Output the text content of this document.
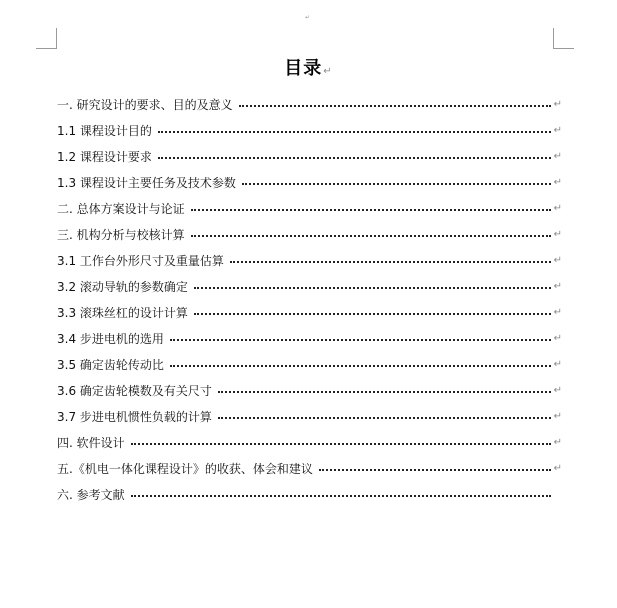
↵
目录↵
一. 研究设计的要求、目的及意义	↵
1.1 课程设计目的	↵
1.2 课程设计要求	↵
1.3 课程设计主要任务及技术参数	↵
二. 总体方案设计与论证	↵
三. 机构分析与校核计算	↵
3.1 工作台外形尺寸及重量估算	↵
3.2 滚动导轨的参数确定	↵
3.3 滚珠丝杠的设计计算	↵
3.4 步进电机的选用	↵
3.5 确定齿轮传动比	↵
3.6 确定齿轮模数及有关尺寸	↵
3.7 步进电机惯性负载的计算	↵
四. 软件设计	↵
五.《机电一体化课程设计》的收获、体会和建议	↵
六. 参考文献
